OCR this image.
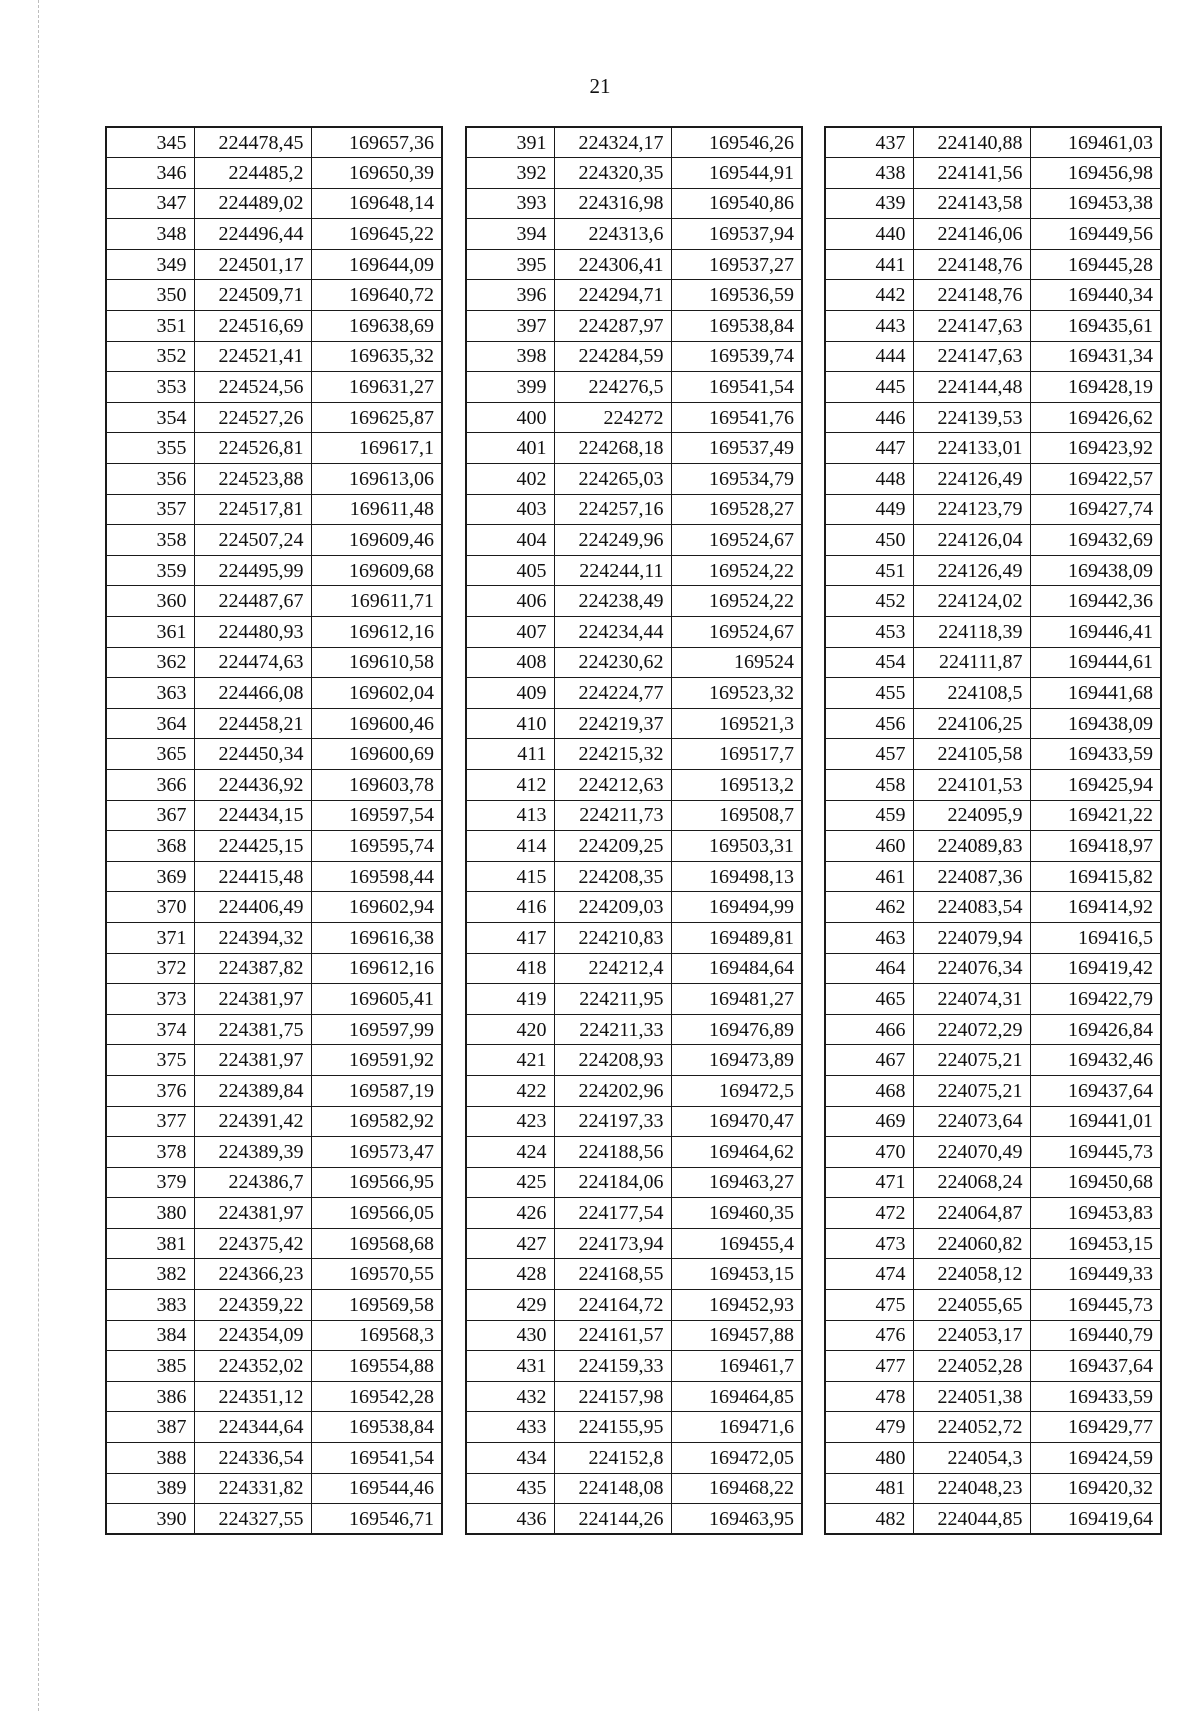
21
345	224478,45	169657,36
346	224485,2	169650,39
347	224489,02	169648,14
348	224496,44	169645,22
349	224501,17	169644,09
350	224509,71	169640,72
351	224516,69	169638,69
352	224521,41	169635,32
353	224524,56	169631,27
354	224527,26	169625,87
355	224526,81	169617,1
356	224523,88	169613,06
357	224517,81	169611,48
358	224507,24	169609,46
359	224495,99	169609,68
360	224487,67	169611,71
361	224480,93	169612,16
362	224474,63	169610,58
363	224466,08	169602,04
364	224458,21	169600,46
365	224450,34	169600,69
366	224436,92	169603,78
367	224434,15	169597,54
368	224425,15	169595,74
369	224415,48	169598,44
370	224406,49	169602,94
371	224394,32	169616,38
372	224387,82	169612,16
373	224381,97	169605,41
374	224381,75	169597,99
375	224381,97	169591,92
376	224389,84	169587,19
377	224391,42	169582,92
378	224389,39	169573,47
379	224386,7	169566,95
380	224381,97	169566,05
381	224375,42	169568,68
382	224366,23	169570,55
383	224359,22	169569,58
384	224354,09	169568,3
385	224352,02	169554,88
386	224351,12	169542,28
387	224344,64	169538,84
388	224336,54	169541,54
389	224331,82	169544,46
390	224327,55	169546,71
391	224324,17	169546,26
392	224320,35	169544,91
393	224316,98	169540,86
394	224313,6	169537,94
395	224306,41	169537,27
396	224294,71	169536,59
397	224287,97	169538,84
398	224284,59	169539,74
399	224276,5	169541,54
400	224272	169541,76
401	224268,18	169537,49
402	224265,03	169534,79
403	224257,16	169528,27
404	224249,96	169524,67
405	224244,11	169524,22
406	224238,49	169524,22
407	224234,44	169524,67
408	224230,62	169524
409	224224,77	169523,32
410	224219,37	169521,3
411	224215,32	169517,7
412	224212,63	169513,2
413	224211,73	169508,7
414	224209,25	169503,31
415	224208,35	169498,13
416	224209,03	169494,99
417	224210,83	169489,81
418	224212,4	169484,64
419	224211,95	169481,27
420	224211,33	169476,89
421	224208,93	169473,89
422	224202,96	169472,5
423	224197,33	169470,47
424	224188,56	169464,62
425	224184,06	169463,27
426	224177,54	169460,35
427	224173,94	169455,4
428	224168,55	169453,15
429	224164,72	169452,93
430	224161,57	169457,88
431	224159,33	169461,7
432	224157,98	169464,85
433	224155,95	169471,6
434	224152,8	169472,05
435	224148,08	169468,22
436	224144,26	169463,95
437	224140,88	169461,03
438	224141,56	169456,98
439	224143,58	169453,38
440	224146,06	169449,56
441	224148,76	169445,28
442	224148,76	169440,34
443	224147,63	169435,61
444	224147,63	169431,34
445	224144,48	169428,19
446	224139,53	169426,62
447	224133,01	169423,92
448	224126,49	169422,57
449	224123,79	169427,74
450	224126,04	169432,69
451	224126,49	169438,09
452	224124,02	169442,36
453	224118,39	169446,41
454	224111,87	169444,61
455	224108,5	169441,68
456	224106,25	169438,09
457	224105,58	169433,59
458	224101,53	169425,94
459	224095,9	169421,22
460	224089,83	169418,97
461	224087,36	169415,82
462	224083,54	169414,92
463	224079,94	169416,5
464	224076,34	169419,42
465	224074,31	169422,79
466	224072,29	169426,84
467	224075,21	169432,46
468	224075,21	169437,64
469	224073,64	169441,01
470	224070,49	169445,73
471	224068,24	169450,68
472	224064,87	169453,83
473	224060,82	169453,15
474	224058,12	169449,33
475	224055,65	169445,73
476	224053,17	169440,79
477	224052,28	169437,64
478	224051,38	169433,59
479	224052,72	169429,77
480	224054,3	169424,59
481	224048,23	169420,32
482	224044,85	169419,64
